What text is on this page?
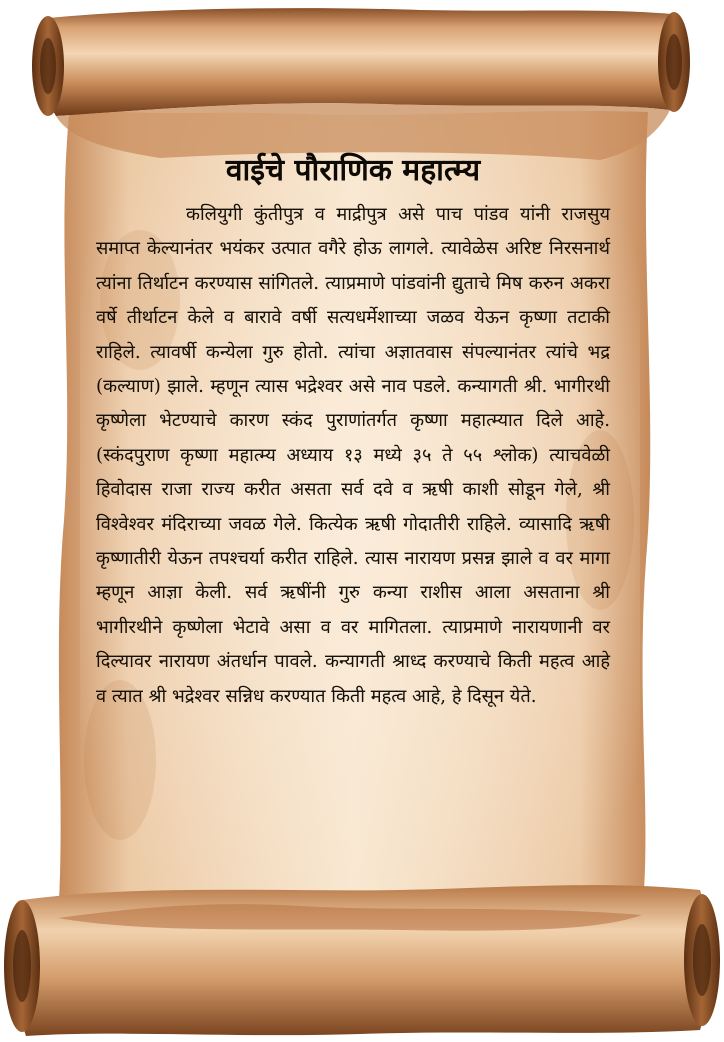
वाईचे पौराणिक महात्म्य

कलियुगी कुंतीपुत्र व माद्रीपुत्र असे पाच पांडव यांनी राजसुय समाप्त केल्यानंतर भयंकर उत्पात वगैरे होऊ लागले. त्यावेळेस अरिष्ट निरसनार्थ त्यांना तिर्थाटन करण्यास सांगितले. त्याप्रमाणे पांडवांनी द्युताचे मिष करुन अकरा वर्षे तीर्थाटन केले व बारावे वर्षी सत्यधर्मेशाच्या जळव येऊन कृष्णा तटाकी राहिले. त्यावर्षी कन्येला गुरु होतो. त्यांचा अज्ञातवास संपल्यानंतर त्यांचे भद्र (कल्याण) झाले. म्हणून त्यास भद्रेश्वर असे नाव पडले. कन्यागती श्री. भागीरथी कृष्णेला भेटण्याचे कारण स्कंद पुराणांतर्गत कृष्णा महात्म्यात दिले आहे. (स्कंदपुराण कृष्णा महात्म्य अध्याय १३ मध्ये ३५ ते ५५ श्लोक) त्याचवेळी हिवोदास राजा राज्य करीत असता सर्व दवे व ऋषी काशी सोडून गेले, श्री विश्वेश्वर मंदिराच्या जवळ गेले. कित्येक ऋषी गोदातीरी राहिले. व्यासादि ऋषी कृष्णातीरी येऊन तपश्चर्या करीत राहिले. त्यास नारायण प्रसन्न झाले व वर मागा म्हणून आज्ञा केली. सर्व ऋषींनी गुरु कन्या राशीस आला असताना श्री भागीरथीने कृष्णेला भेटावे असा व वर मागितला. त्याप्रमाणे नारायणानी वर दिल्यावर नारायण अंतर्धान पावले. कन्यागती श्राध्द करण्याचे किती महत्व आहे व त्यात श्री भद्रेश्वर सन्निध करण्यात किती महत्व आहे, हे दिसून येते.
